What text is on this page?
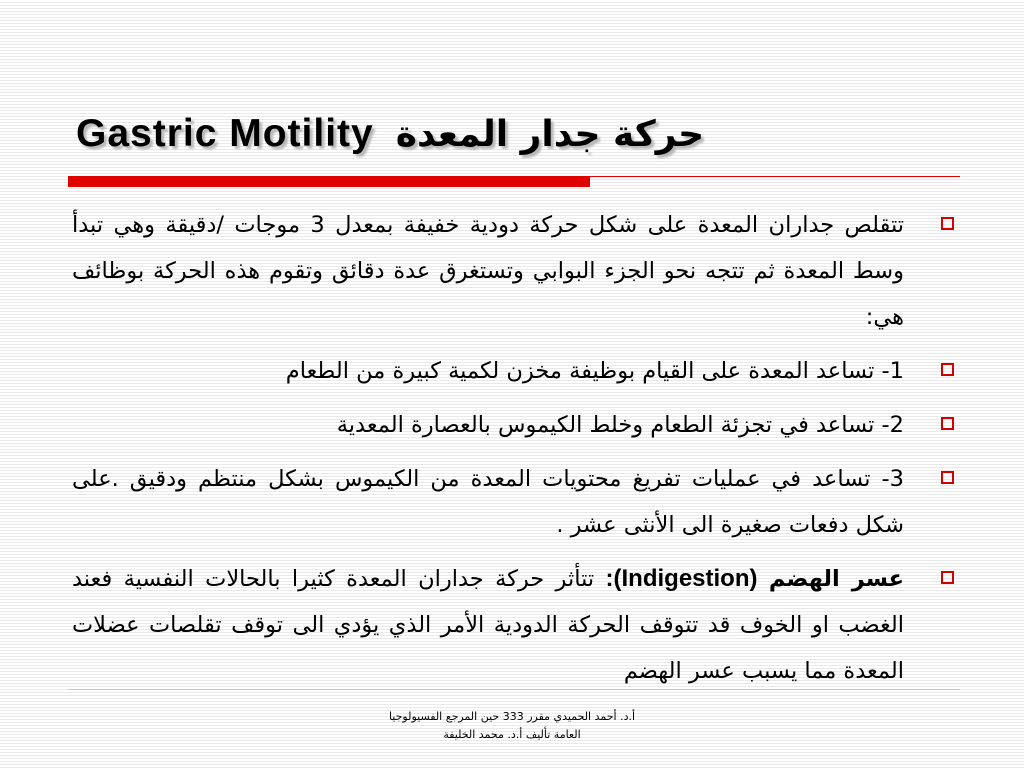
Gastric Motility حركة جدار المعدة
تتقلص جداران المعدة على شكل حركة دودية خفيفة بمعدل 3 موجات /دقيقة وهي تبدأ وسط المعدة ثم تتجه نحو الجزء البوابي وتستغرق عدة دقائق وتقوم هذه الحركة بوظائف هي:
1- تساعد المعدة على القيام بوظيفة مخزن لكمية كبيرة من الطعام
2- تساعد في تجزئة الطعام وخلط الكيموس بالعصارة المعدية
3- تساعد في عمليات تفريغ محتويات المعدة من الكيموس بشكل منتظم ودقيق .على شكل دفعات صغيرة الى الأنثى عشر .
عسر الهضم (Indigestion): تتأثر حركة جداران المعدة كثيرا بالحالات النفسية فعند الغضب او الخوف قد تتوقف الحركة الدودية الأمر الذي يؤدي الى توقف تقلصات عضلات المعدة مما يسبب عسر الهضم
أ.د. أحمد الحميدي مقرر 333 حين المرجع الفسيولوجيا
العامة تأليف أ.د. محمد الخليفة
